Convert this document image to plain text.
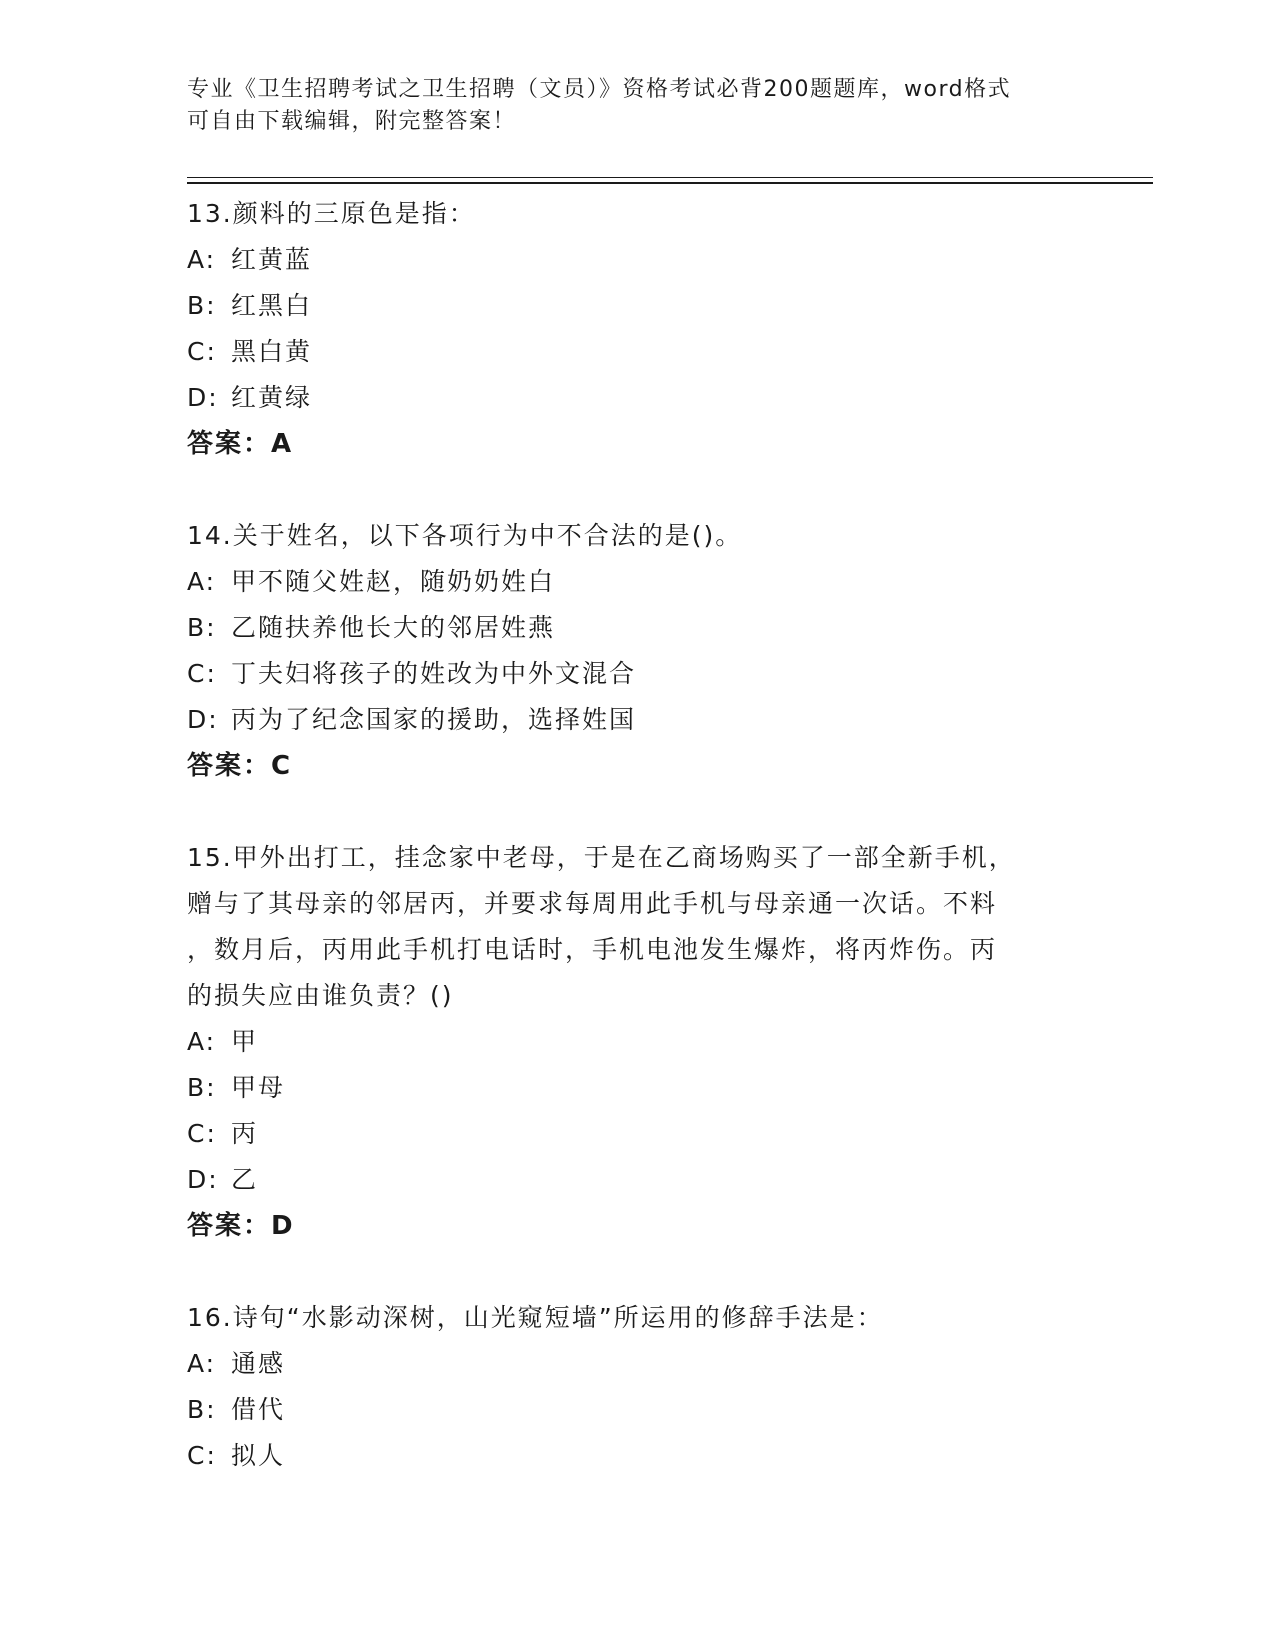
专业《卫生招聘考试之卫生招聘（文员）》资格考试必背200题题库，word格式
可自由下载编辑，附完整答案！
13.颜料的三原色是指：
A: 红黄蓝
B: 红黑白
C: 黑白黄
D: 红黄绿
答案：A
14.关于姓名，以下各项行为中不合法的是()。
A: 甲不随父姓赵，随奶奶姓白
B: 乙随扶养他长大的邻居姓燕
C: 丁夫妇将孩子的姓改为中外文混合
D: 丙为了纪念国家的援助，选择姓国
答案：C
15.甲外出打工，挂念家中老母，于是在乙商场购买了一部全新手机，
赠与了其母亲的邻居丙，并要求每周用此手机与母亲通一次话。不料
，数月后，丙用此手机打电话时，手机电池发生爆炸，将丙炸伤。丙
的损失应由谁负责？()
A: 甲
B: 甲母
C: 丙
D: 乙
答案：D
16.诗句“水影动深树，山光窥短墙”所运用的修辞手法是：
A: 通感
B: 借代
C: 拟人
